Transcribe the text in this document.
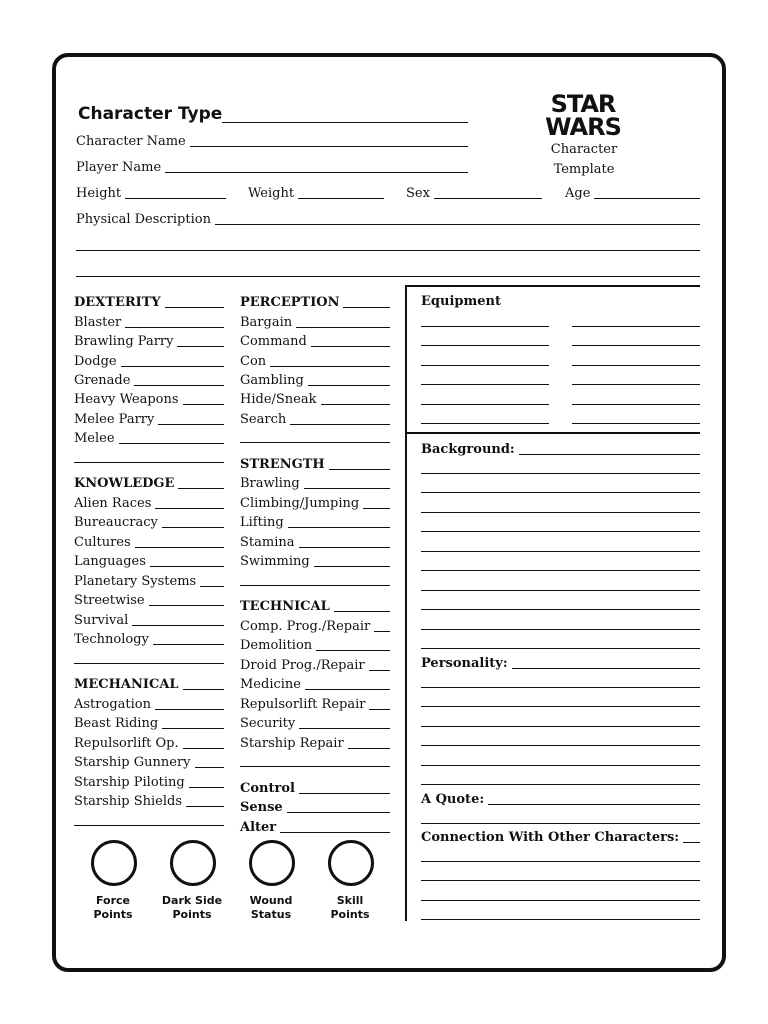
Character Type
Character Name
Player Name
Height	Weight	Sex	Age
Physical Description
STAR
WARS
Character
Template
DEXTERITY
Blaster
Brawling Parry
Dodge
Grenade
Heavy Weapons
Melee Parry
Melee
KNOWLEDGE
Alien Races
Bureaucracy
Cultures
Languages
Planetary Systems
Streetwise
Survival
Technology
MECHANICAL
Astrogation
Beast Riding
Repulsorlift Op.
Starship Gunnery
Starship Piloting
Starship Shields
PERCEPTION
Bargain
Command
Con
Gambling
Hide/Sneak
Search
STRENGTH
Brawling
Climbing/Jumping
Lifting
Stamina
Swimming
TECHNICAL
Comp. Prog./Repair
Demolition
Droid Prog./Repair
Medicine
Repulsorlift Repair
Security
Starship Repair
Control
Sense
Alter
Force
Points
Dark Side
Points
Wound
Status
Skill
Points
Equipment
Background:
Personality:
A Quote:
Connection With Other Characters:
